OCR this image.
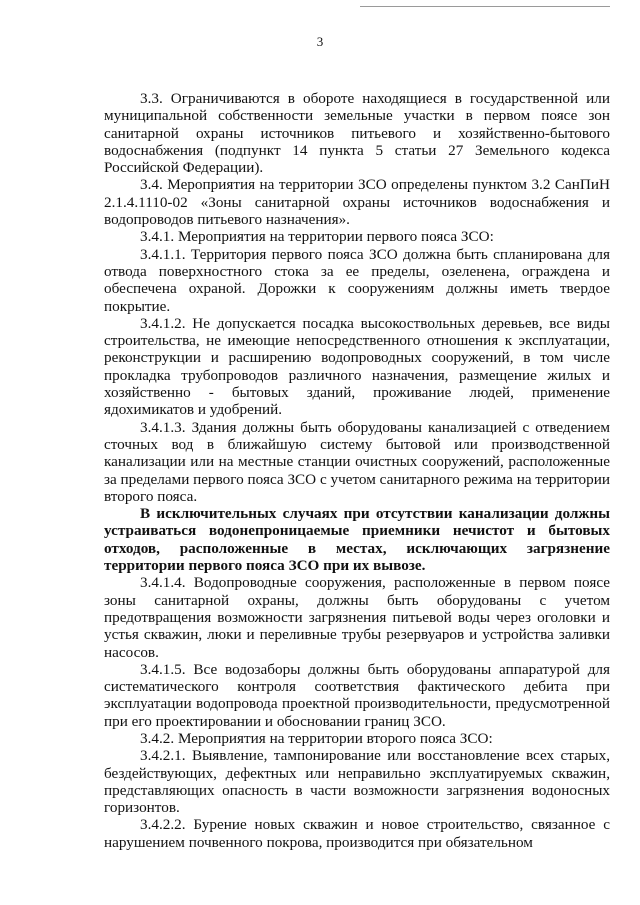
3

3.3. Ограничиваются в обороте находящиеся в государственной или муниципальной собственности земельные участки в первом поясе зон санитарной охраны источников питьевого и хозяйственно-бытового водоснабжения (подпункт 14 пункта 5 статьи 27 Земельного кодекса Российской Федерации).

3.4. Мероприятия на территории ЗСО определены пунктом 3.2 СанПиН 2.1.4.1110-02 «Зоны санитарной охраны источников водоснабжения и водопроводов питьевого назначения».

3.4.1. Мероприятия на территории первого пояса ЗСО:

3.4.1.1. Территория первого пояса ЗСО должна быть спланирована для отвода поверхностного стока за ее пределы, озеленена, ограждена и обеспечена охраной. Дорожки к сооружениям должны иметь твердое покрытие.

3.4.1.2. Не допускается посадка высокоствольных деревьев, все виды строительства, не имеющие непосредственного отношения к эксплуатации, реконструкции и расширению водопроводных сооружений, в том числе прокладка трубопроводов различного назначения, размещение жилых и хозяйственно - бытовых зданий, проживание людей, применение ядохимикатов и удобрений.

3.4.1.3. Здания должны быть оборудованы канализацией с отведением сточных вод в ближайшую систему бытовой или производственной канализации или на местные станции очистных сооружений, расположенные за пределами первого пояса ЗСО с учетом санитарного режима на территории второго пояса.

В исключительных случаях при отсутствии канализации должны устраиваться водонепроницаемые приемники нечистот и бытовых отходов, расположенные в местах, исключающих загрязнение территории первого пояса ЗСО при их вывозе.

3.4.1.4. Водопроводные сооружения, расположенные в первом поясе зоны санитарной охраны, должны быть оборудованы с учетом предотвращения возможности загрязнения питьевой воды через оголовки и устья скважин, люки и переливные трубы резервуаров и устройства заливки насосов.

3.4.1.5. Все водозаборы должны быть оборудованы аппаратурой для систематического контроля соответствия фактического дебита при эксплуатации водопровода проектной производительности, предусмотренной при его проектировании и обосновании границ ЗСО.

3.4.2. Мероприятия на территории второго пояса ЗСО:

3.4.2.1. Выявление, тампонирование или восстановление всех старых, бездействующих, дефектных или неправильно эксплуатируемых скважин, представляющих опасность в части возможности загрязнения водоносных горизонтов.

3.4.2.2. Бурение новых скважин и новое строительство, связанное с нарушением почвенного покрова, производится при обязательном
